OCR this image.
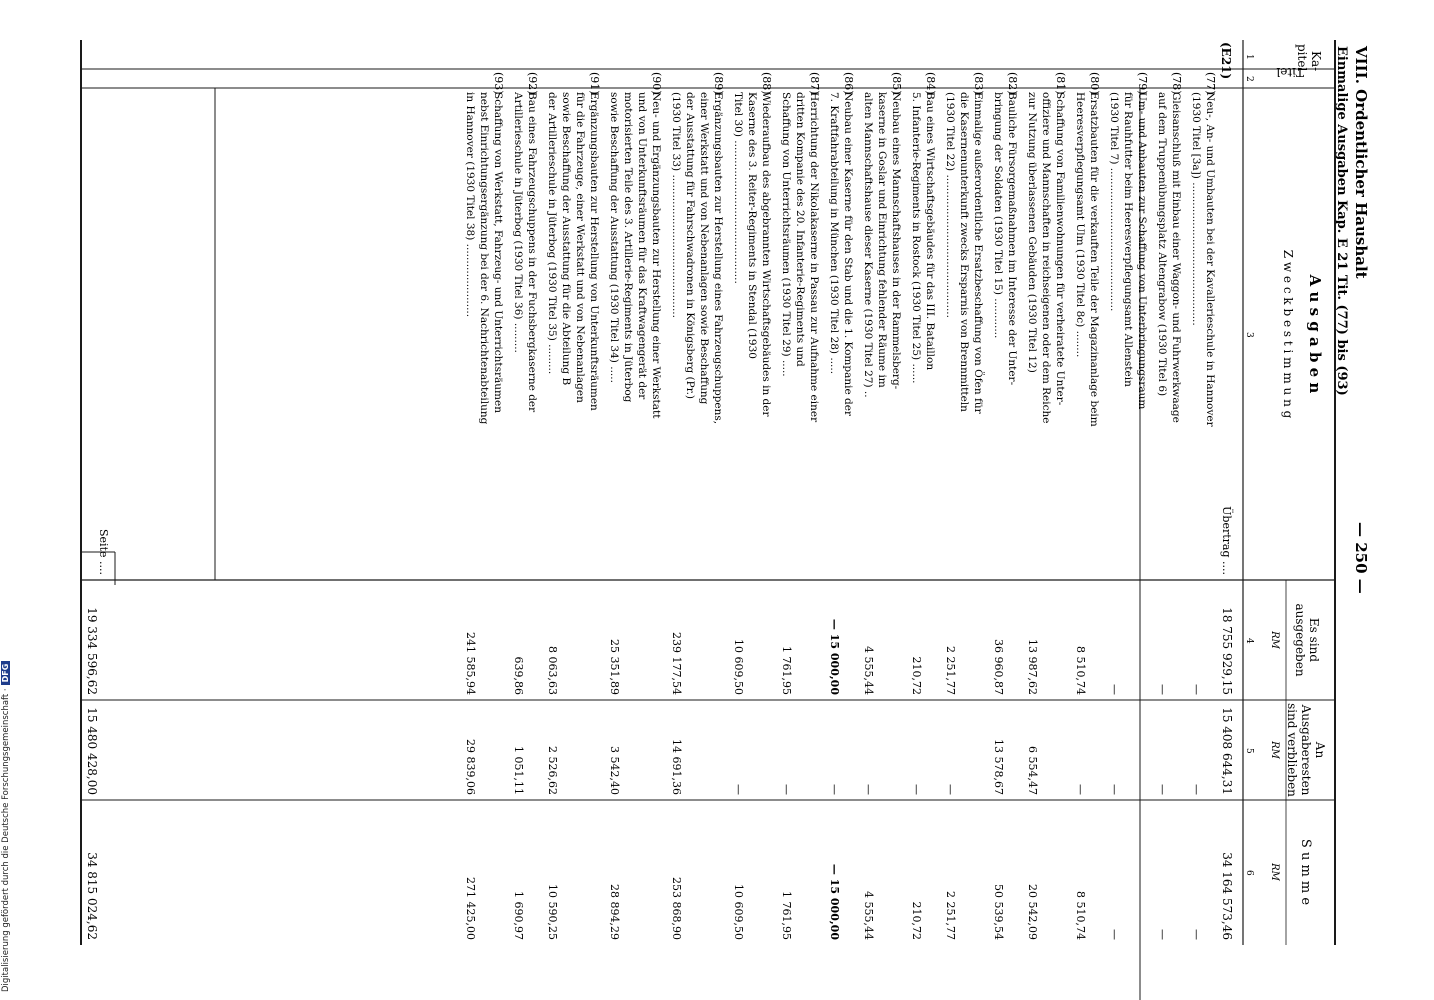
VIII. Ordentlicher Haushalt
— 250 —
Einmalige Ausgaben Kap. E 21 Tit. (77) bis (93)
Ka-
pitel
Titel
A u s g a b e n
Z w e c k b e s t i m m u n g
Es sind
ausgegeben
An
Ausgaberesten
sind verblieben
S u m m e
RM
RM
RM
1
2
3
4
5
6
(E21)
Übertrag ....
18 755 929,15
15 408 644,31
34 164 573,46
(77)
Neu-, An- und Umbauten bei der Kavallerieschule in Hannover
(1930 Titel [3a]) ...........................................
—
—
—
(78)
Gleisanschluß mit Einbau einer Waggon- und Fuhrwerkwaage
auf dem Truppenübungsplatz Altengrabow (1930 Titel 6)
—
—
—
(79)
Um- und Anbauten zur Schaffung von Unterbringungsraum
für Rauhfutter beim Heeresverpflegungsamt Allenstein
(1930 Titel 7) ...........................................
—
—
—
(80)
Ersatzbauten für die verkauften Teile der Magazinanlage beim
Heeresverpflegungsamt Ulm (1930 Titel 8c) ........
8 510,74
—
8 510,74
(81)
Schaffung von Familienwohnungen für verheiratete Unter-
offiziere und Mannschaften in reichseigenen oder dem Reiche
zur Nutzung überlassenen Gebäuden (1930 Titel 12)
13 987,62
6 554,47
20 542,09
(82)
Bauliche Fürsorgemaßnahmen im Interesse der Unter-
bringung der Soldaten (1930 Titel 15) ............
36 960,87
13 578,67
50 539,54
(83)
Einmalige außerordentliche Ersatzbeschaffung von Öfen für
die Kasernenunterkunft zwecks Ersparnis von Brennmitteln
(1930 Titel 22) ...........................................
2 251,77
—
2 251,77
(84)
Bau eines Wirtschaftsgebäudes für das III. Bataillon
5. Infanterie-Regiments in Rostock (1930 Titel 25) ......
210,72
—
210,72
(85)
Neubau eines Mannschaftshauses in der Rammelsberg-
kaserne in Goslar und Einrichtung fehlender Räume im
alten Mannschaftshause dieser Kaserne (1930 Titel 27) ..
4 555,44
—
4 555,44
(86)
Neubau einer Kaserne für den Stab und die 1. Kompanie der
7. Kraftfahrabteilung in München (1930 Titel 28) .....
— 15 000,00
—
— 15 000,00
(87)
Herrichtung der Nikolakaserne in Passau zur Aufnahme einer
dritten Kompanie des 20. Infanterie-Regiments und
Schaffung von Unterrichtsräumen (1930 Titel 29) .....
1 761,95
—
1 761,95
(88)
Wiederaufbau des abgebrannten Wirtschaftsgebäudes in der
Kaserne des 3. Reiter-Regiments in Stendal (1930
Titel 30) ...........................................
10 609,50
—
10 609,50
(89)
Ergänzungsbauten zur Herstellung eines Fahrzeugschuppens,
einer Werkstatt und von Nebenanlagen sowie Beschaffung
der Ausstattung für Fahrschwadronen in Königsberg (Pr.)
(1930 Titel 33) ...........................................
239 177,54
14 691,36
253 868,90
(90)
Neu- und Ergänzungsbauten zur Herstellung einer Werkstatt
und von Unterkunftsräumen für das Kraftwagengerät der
motorisierten Teile des 3. Artillerie-Regiments in Jüterbog
sowie Beschaffung der Ausstattung (1930 Titel 34) .....
25 351,89
3 542,40
28 894,29
(91)
Ergänzungsbauten zur Herstellung von Unterkunftsräumen
für die Fahrzeuge, einer Werkstatt und von Nebenanlagen
sowie Beschaffung der Ausstattung für die Abteilung B
der Artillerieschule in Jüterbog (1930 Titel 35) .........
8 063,63
2 526,62
10 590,25
(92)
Bau eines Fahrzeugschuppens in der Fuchsbergkaserne der
Artillerieschule in Jüterbog (1930 Titel 36) .........
639,86
1 051,11
1 690,97
(93)
Schaffung von Werkstatt, Fahrzeug- und Unterrichtsräumen
nebst Einrichtungsergänzung bei der 6. Nachrichtenabteilung
in Hannover (1930 Titel 38) ......................
241 585,94
29 839,06
271 425,00
Seite ....
19 334 596,62
15 480 428,00
34 815 024,62
Digitalisierung gefördert durch die Deutsche Forschungsgemeinschaft ·DFG
